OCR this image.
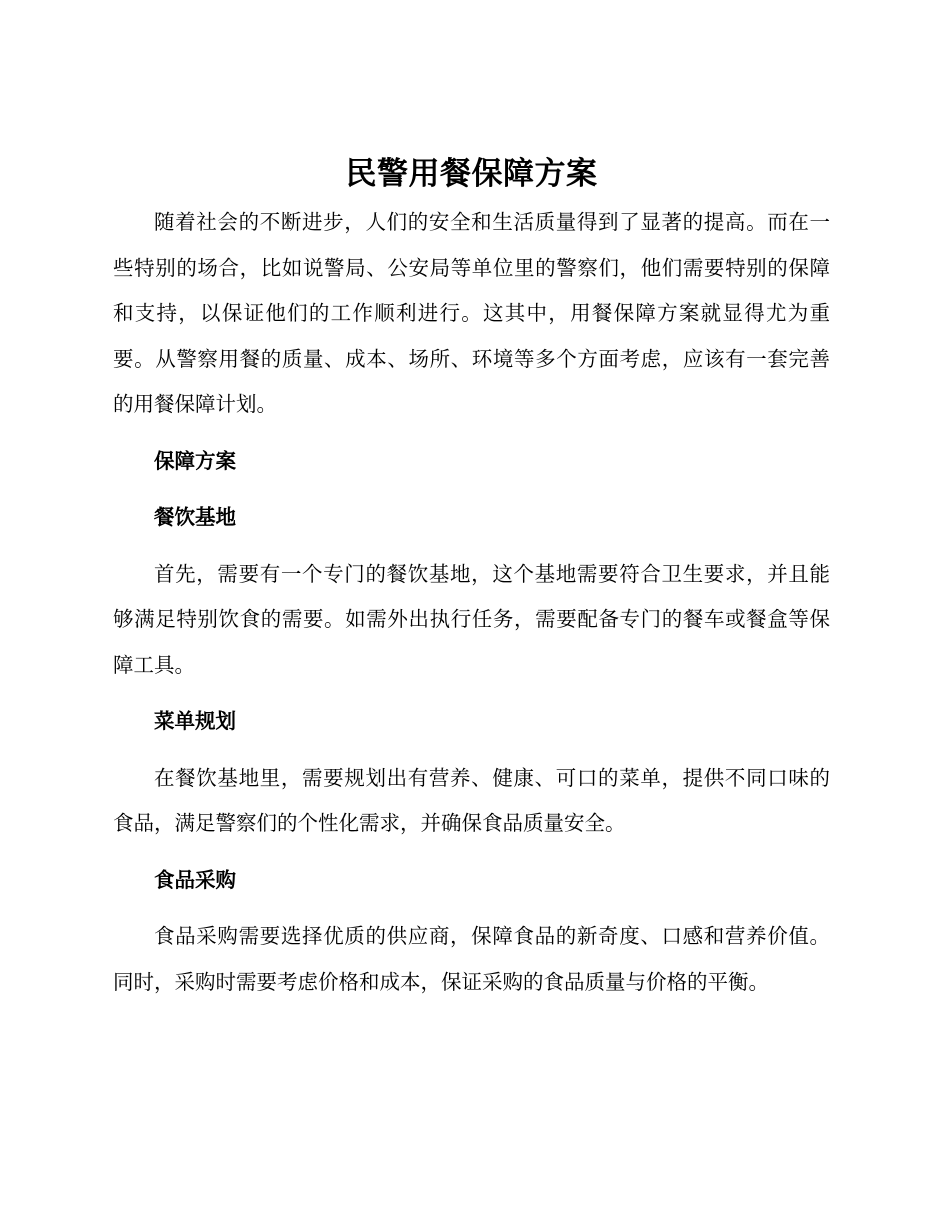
民警用餐保障方案

随着社会的不断进步，人们的安全和生活质量得到了显著的提高。而在一些特别的场合，比如说警局、公安局等单位里的警察们，他们需要特别的保障和支持，以保证他们的工作顺利进行。这其中，用餐保障方案就显得尤为重要。从警察用餐的质量、成本、场所、环境等多个方面考虑，应该有一套完善的用餐保障计划。

保障方案

餐饮基地

首先，需要有一个专门的餐饮基地，这个基地需要符合卫生要求，并且能够满足特别饮食的需要。如需外出执行任务，需要配备专门的餐车或餐盒等保障工具。

菜单规划

在餐饮基地里，需要规划出有营养、健康、可口的菜单，提供不同口味的食品，满足警察们的个性化需求，并确保食品质量安全。

食品采购

食品采购需要选择优质的供应商，保障食品的新奇度、口感和营养价值。同时，采购时需要考虑价格和成本，保证采购的食品质量与价格的平衡。
